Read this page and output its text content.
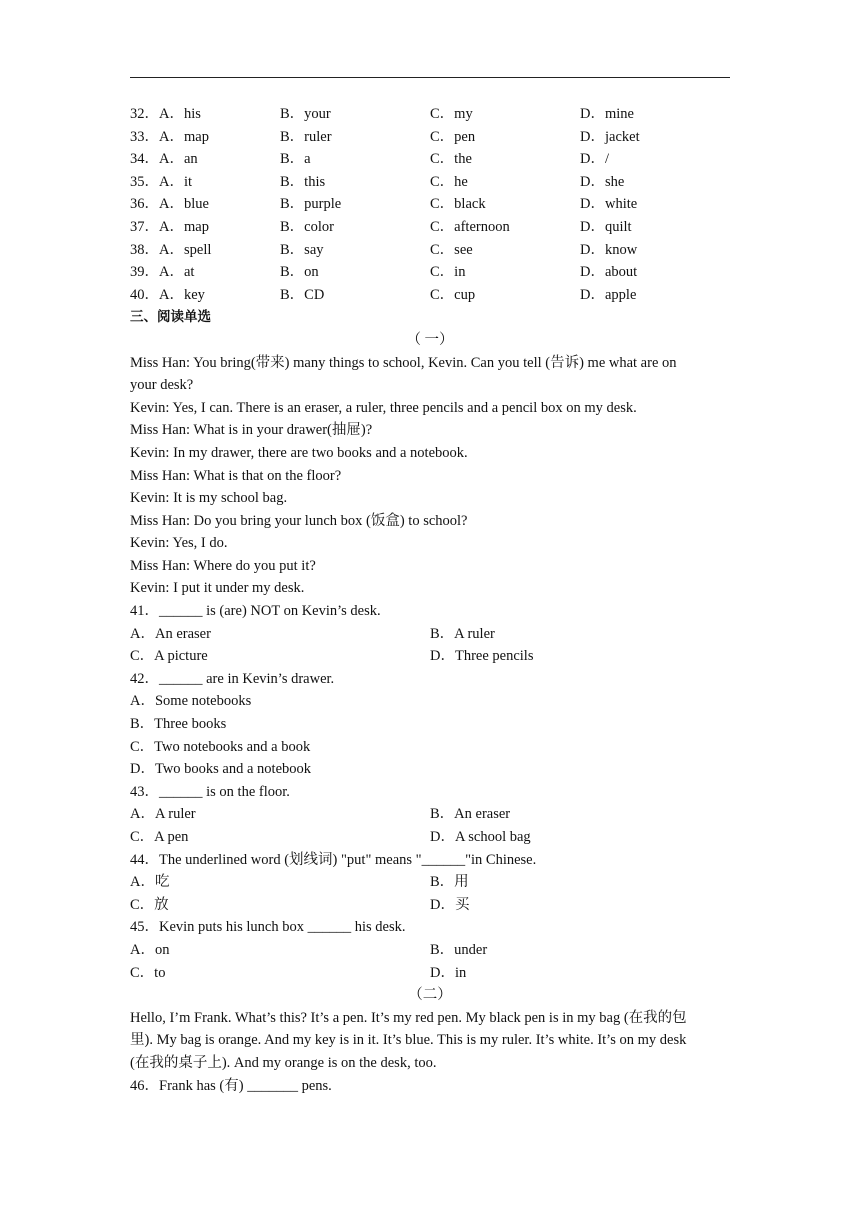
32．A．his	B．your	C．my	D．mine
33．A．map	B．ruler	C．pen	D．jacket
34．A．an	B．a	C．the	D．/
35．A．it	B．this	C．he	D．she
36．A．blue	B．purple	C．black	D．white
37．A．map	B．color	C．afternoon	D．quilt
38．A．spell	B．say	C．see	D．know
39．A．at	B．on	C．in	D．about
40．A．key	B．CD	C．cup	D．apple
三、阅读单选
（ 一）
Miss Han: You bring(带来) many things to school, Kevin. Can you tell (告诉) me what are on
your desk?
Kevin: Yes, I can. There is an eraser, a ruler, three pencils and a pencil box on my desk.
Miss Han: What is in your drawer(抽屉)?
Kevin: In my drawer, there are two books and a notebook.
Miss Han: What is that on the floor?
Kevin: It is my school bag.
Miss Han: Do you bring your lunch box (饭盒) to school?
Kevin: Yes, I do.
Miss Han: Where do you put it?
Kevin: I put it under my desk.
41．______ is (are) NOT on Kevin’s desk.
A．An eraser	B．A ruler
C．A picture	D．Three pencils
42．______ are in Kevin’s drawer.
A．Some notebooks
B．Three books
C．Two notebooks and a book
D．Two books and a notebook
43．______ is on the floor.
A．A ruler	B．An eraser
C．A pen	D．A school bag
44．The underlined word (划线词) "put" means "______"in Chinese.
A．吃	B．用
C．放	D．买
45．Kevin puts his lunch box ______ his desk.
A．on	B．under
C．to	D．in
（二）
Hello, I’m Frank. What’s this? It’s a pen. It’s my red pen. My black pen is in my bag (在我的包
里). My bag is orange. And my key is in it. It’s blue. This is my ruler. It’s white. It’s on my desk
(在我的桌子上). And my orange is on the desk, too.
46．Frank has (有) _______ pens.
